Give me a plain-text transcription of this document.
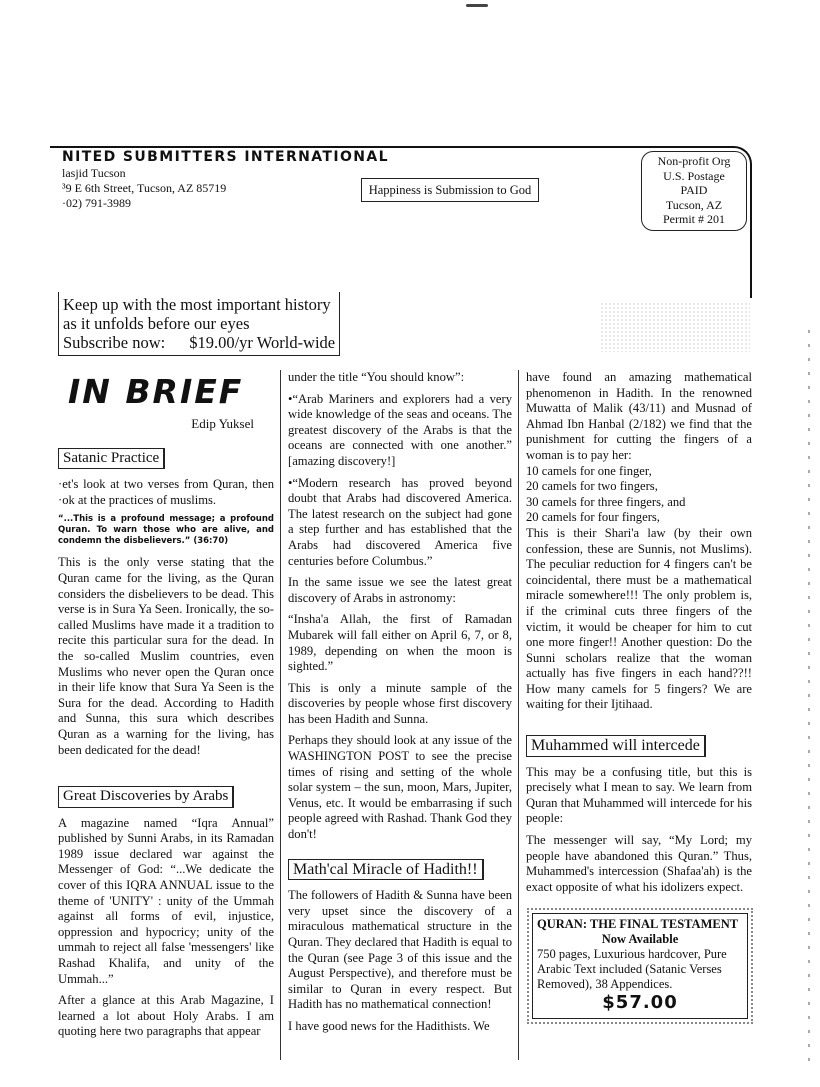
NITED SUBMITTERS INTERNATIONAL
lasjid Tucson
³9 E 6th Street, Tucson, AZ 85719
·02) 791-3989
Happiness is Submission to God
Non-profit Org
U.S. Postage
PAID
Tucson, AZ
Permit # 201
Keep up with the most important history
as it unfolds before our eyes
Subscribe now: $19.00/yr World-wide
IN BRIEF
Edip Yuksel
Satanic Practice

·et's look at two verses from Quran, then ·ok at the practices of muslims.

“...This is a profound message; a profound Quran. To warn those who are alive, and condemn the disbelievers.” (36:70)

This is the only verse stating that the Quran came for the living, as the Quran considers the disbelievers to be dead. This verse is in Sura Ya Seen. Ironically, the so-called Muslims have made it a tradition to recite this particular sura for the dead. In the so-called Muslim countries, even Muslims who never open the Quran once in their life know that Sura Ya Seen is the Sura for the dead. According to Hadith and Sunna, this sura which describes Quran as a warning for the living, has been dedicated for the dead!

Great Discoveries by Arabs

A magazine named “Iqra Annual” published by Sunni Arabs, in its Ramadan 1989 issue declared war against the Messenger of God: “...We dedicate the cover of this IQRA ANNUAL issue to the theme of 'UNITY' : unity of the Ummah against all forms of evil, injustice, oppression and hypocricy; unity of the ummah to reject all false 'messengers' like Rashad Khalifa, and unity of the Ummah...”

After a glance at this Arab Magazine, I learned a lot about Holy Arabs. I am quoting here two paragraphs that appear

under the title “You should know”:

•“Arab Mariners and explorers had a very wide knowledge of the seas and oceans. The greatest discovery of the Arabs is that the oceans are connected with one another.” [amazing discovery!]

•“Modern research has proved beyond doubt that Arabs had discovered America. The latest research on the subject had gone a step further and has established that the Arabs had discovered America five centuries before Columbus.”

In the same issue we see the latest great discovery of Arabs in astronomy:

“Insha'a Allah, the first of Ramadan Mubarek will fall either on April 6, 7, or 8, 1989, depending on when the moon is sighted.”

This is only a minute sample of the discoveries by people whose first discovery has been Hadith and Sunna.

Perhaps they should look at any issue of the WASHINGTON POST to see the precise times of rising and setting of the whole solar system – the sun, moon, Mars, Jupiter, Venus, etc. It would be embarrasing if such people agreed with Rashad. Thank God they don't!

Math'cal Miracle of Hadith!!

The followers of Hadith & Sunna have been very upset since the discovery of a miraculous mathematical structure in the Quran. They declared that Hadith is equal to the Quran (see Page 3 of this issue and the August Perspective), and therefore must be similar to Quran in every respect. But Hadith has no mathematical connection!

I have good news for the Hadithists. We

have found an amazing mathematical phenomenon in Hadith. In the renowned Muwatta of Malik (43/11) and Musnad of Ahmad Ibn Hanbal (2/182) we find that the punishment for cutting the fingers of a woman is to pay her:

10 camels for one finger,
20 camels for two fingers,
30 camels for three fingers, and
20 camels for four fingers,

This is their Shari'a law (by their own confession, these are Sunnis, not Muslims). The peculiar reduction for 4 fingers can't be coincidental, there must be a mathematical miracle somewhere!!! The only problem is, if the criminal cuts three fingers of the victim, it would be cheaper for him to cut one more finger!! Another question: Do the Sunni scholars realize that the woman actually has five fingers in each hand??!! How many camels for 5 fingers? We are waiting for their Ijtihaad.

Muhammed will intercede

This may be a confusing title, but this is precisely what I mean to say. We learn from Quran that Muhammed will intercede for his people:

The messenger will say, “My Lord; my people have abandoned this Quran.” Thus, Muhammed's intercession (Shafaa'ah) is the exact opposite of what his idolizers expect.

QURAN: THE FINAL TESTAMENT
Now Available
750 pages, Luxurious hardcover, Pure Arabic Text included (Satanic Verses Removed), 38 Appendices.
$57.00
